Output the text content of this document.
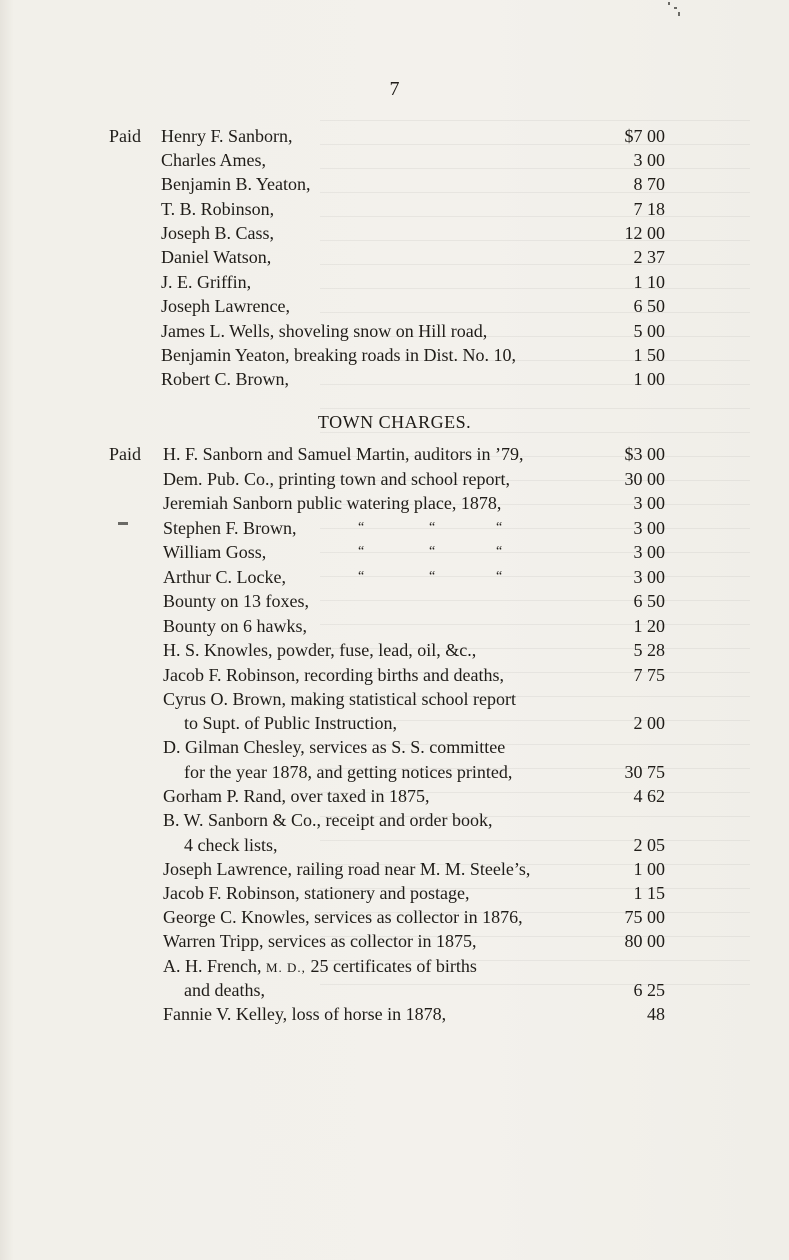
7
Paid Henry F. Sanborn,	$7 00
Charles Ames,	3 00
Benjamin B. Yeaton,	8 70
T. B. Robinson,	7 18
Joseph B. Cass,	12 00
Daniel Watson,	2 37
J. E. Griffin,	1 10
Joseph Lawrence,	6 50
James L. Wells, shoveling snow on Hill road,	5 00
Benjamin Yeaton, breaking roads in Dist. No. 10,	1 50
Robert C. Brown,	1 00
TOWN CHARGES.
Paid H. F. Sanborn and Samuel Martin, auditors in ’79,	$3 00
Dem. Pub. Co., printing town and school report,	30 00
Jeremiah Sanborn public watering place, 1878,	3 00
Stephen F. Brown,	“	“	“	3 00
William Goss,	“	“	“	3 00
Arthur C. Locke,	“	“	“	3 00
Bounty on 13 foxes,	6 50
Bounty on 6 hawks,	1 20
H. S. Knowles, powder, fuse, lead, oil, &c.,	5 28
Jacob F. Robinson, recording births and deaths,	7 75
Cyrus O. Brown, making statistical school report
to Supt. of Public Instruction,	2 00
D. Gilman Chesley, services as S. S. committee
for the year 1878, and getting notices printed,	30 75
Gorham P. Rand, over taxed in 1875,	4 62
B. W. Sanborn & Co., receipt and order book,
4 check lists,	2 05
Joseph Lawrence, railing road near M. M. Steele’s,	1 00
Jacob F. Robinson, stationery and postage,	1 15
George C. Knowles, services as collector in 1876,	75 00
Warren Tripp, services as collector in 1875,	80 00
A. H. French, M. D., 25 certificates of births
and deaths,	6 25
Fannie V. Kelley, loss of horse in 1878,	48
